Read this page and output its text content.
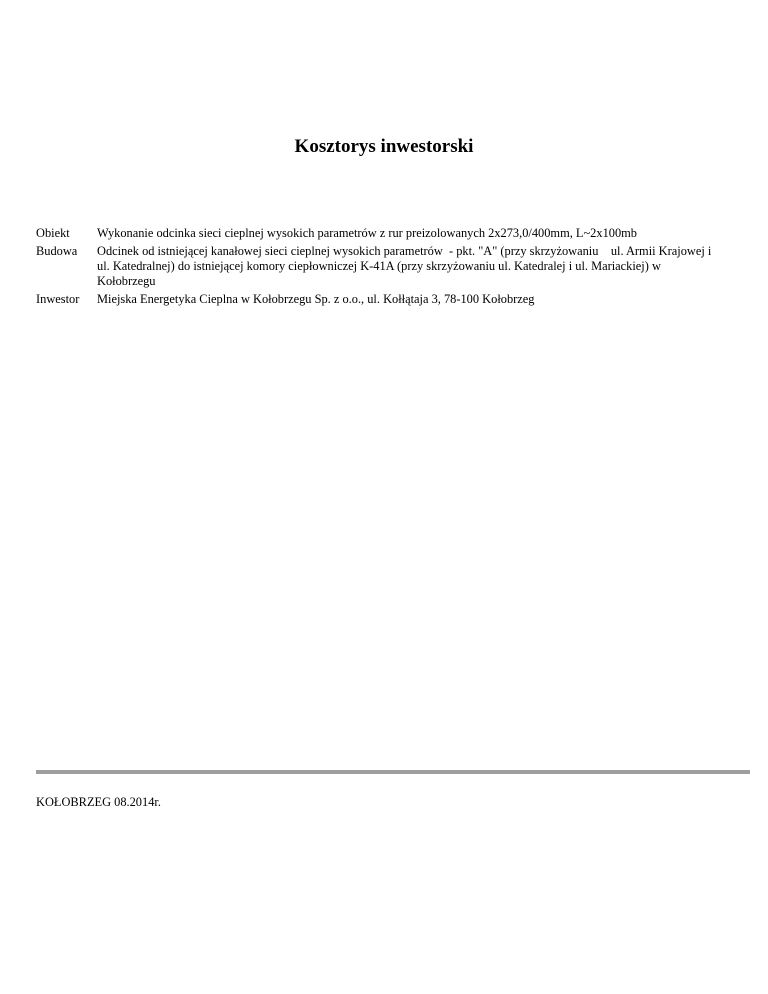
Kosztorys inwestorski
Obiekt	Wykonanie odcinka sieci cieplnej wysokich parametrów z rur preizolowanych 2x273,0/400mm, L~2x100mb
Budowa	Odcinek od istniejącej kanałowej sieci cieplnej wysokich parametrów  - pkt. "A" (przy skrzyżowaniu    ul. Armii Krajowej i
ul. Katedralnej) do istniejącej komory ciepłowniczej K-41A (przy skrzyżowaniu ul. Katedralej i ul. Mariackiej) w
Kołobrzegu
Inwestor	Miejska Energetyka Cieplna w Kołobrzegu Sp. z o.o., ul. Kołłątaja 3, 78-100 Kołobrzeg
KOŁOBRZEG 08.2014r.
